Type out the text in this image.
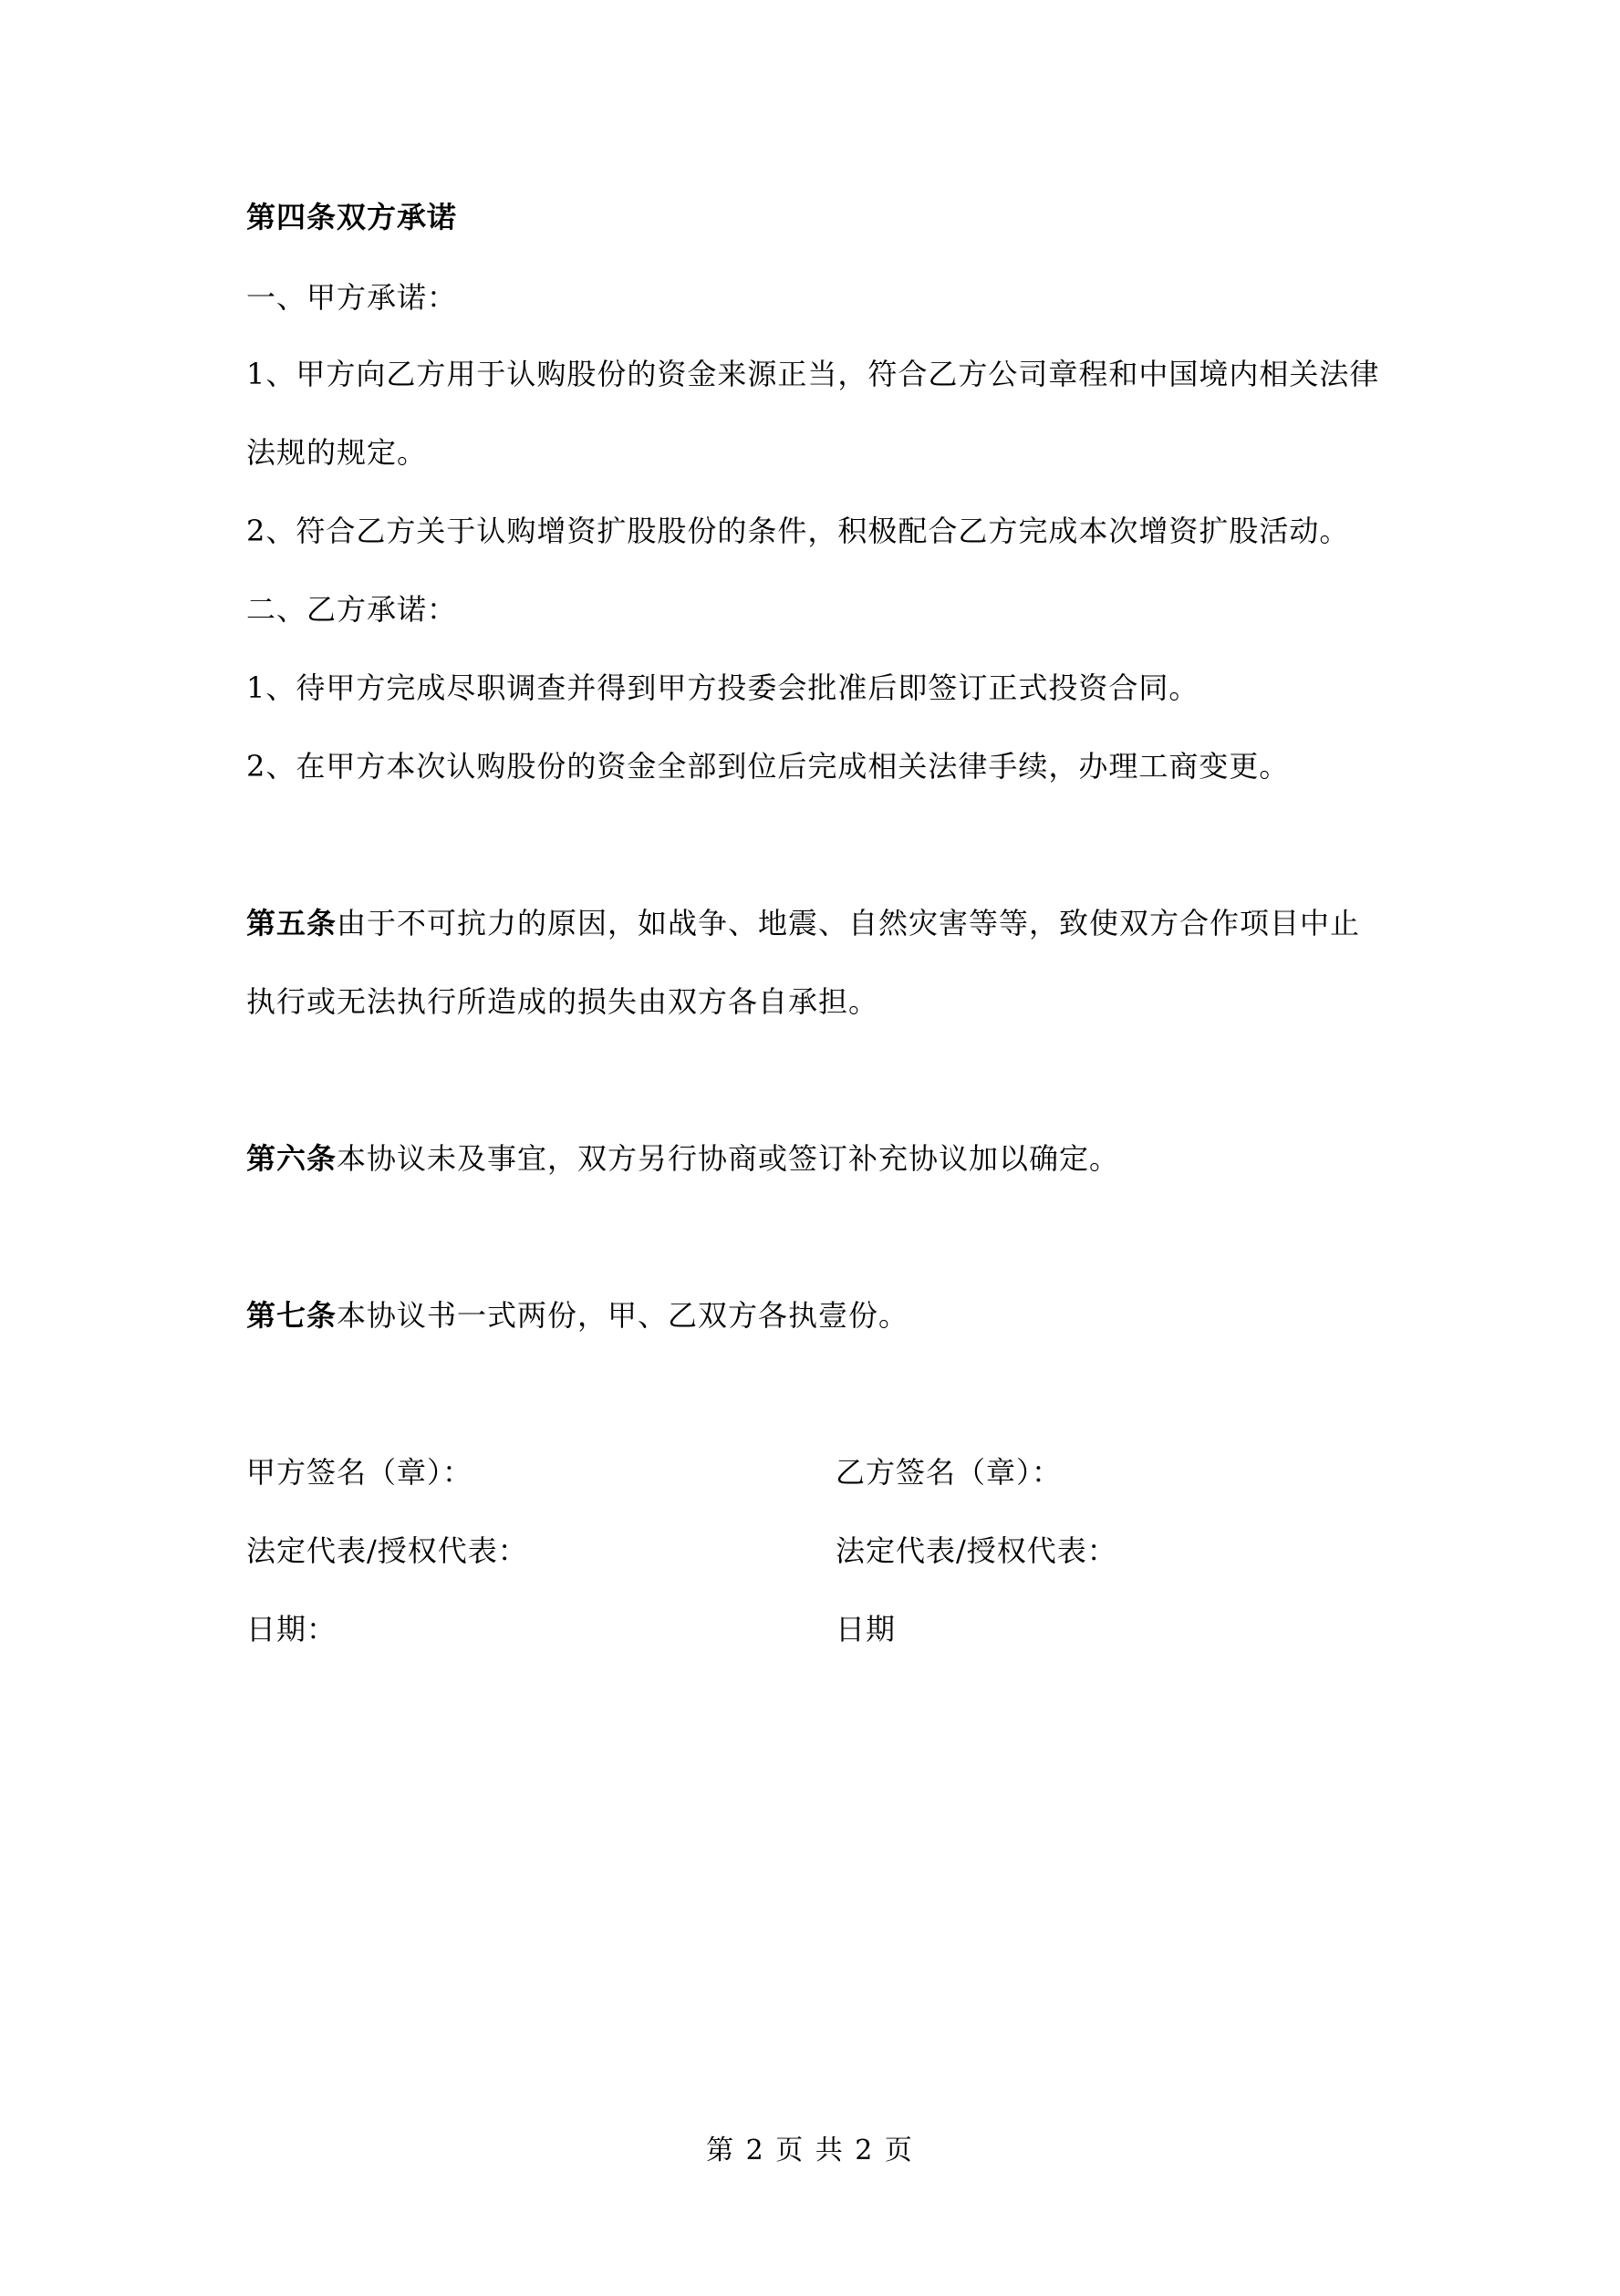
第四条双方承诺
一、甲方承诺：
1、甲方向乙方用于认购股份的资金来源正当，符合乙方公司章程和中国境内相关法律
法规的规定。
2、符合乙方关于认购增资扩股股份的条件，积极配合乙方完成本次增资扩股活动。
二、乙方承诺：
1、待甲方完成尽职调查并得到甲方投委会批准后即签订正式投资合同。
2、在甲方本次认购股份的资金全部到位后完成相关法律手续，办理工商变更。
第五条由于不可抗力的原因，如战争、地震、自然灾害等等，致使双方合作项目中止
执行或无法执行所造成的损失由双方各自承担。
第六条本协议未及事宜，双方另行协商或签订补充协议加以确定。
第七条本协议书一式两份，甲、乙双方各执壹份。
甲方签名（章）：
法定代表/授权代表：
日期：
乙方签名（章）：
法定代表/授权代表：
日期
第 2 页 共 2 页
